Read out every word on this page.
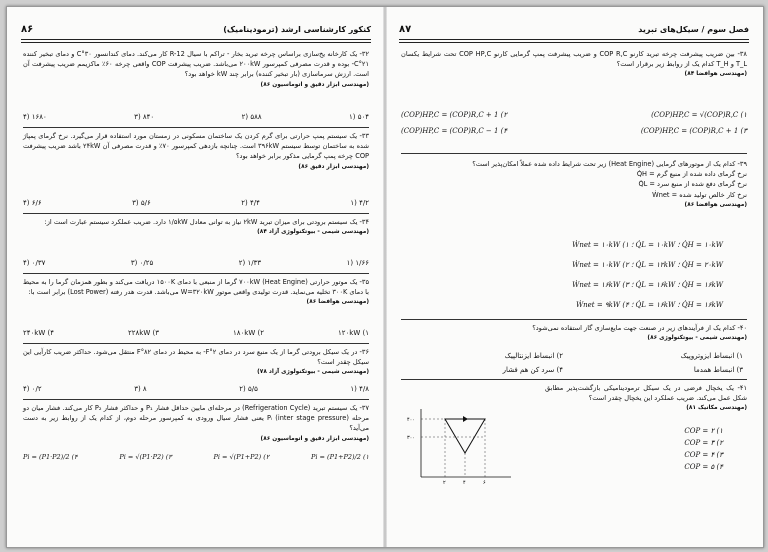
کنکور کارشناسی ارشد (ترمودینامیک)
۸۶
۳۲- یک کارخانه یخ‌سازی براساس چرخه تبرید بخار - تراکم با سیال R-12 کار می‌کند. دمای کندانسور ۳۰°C و دمای تبخیر کننده ۲۱°C- بوده و قدرت مصرفی کمپرسور ۲۰۰kW می‌باشد. ضریب پیشرفت COP واقعی چرخه ۶۰٪ ماکزیمم ضریب پیشرفت آن است. ارزش سرماسازی (بار تبخیر کننده) برابر چند kW خواهد بود؟
(مهندسی ابزار دقیق و اتوماسیون ۸۶)
۵۰۴ (۱
۵۸۸ (۲
۸۴۰ (۳
۱۶۸۰ (۴
۳۳- یک سیستم پمپ حرارتی برای گرم کردن یک ساختمان مسکونی در زمستان مورد استفاده قرار می‌گیرد. نرخ گرمای پمپاژ شده به ساختمان توسط سیستم ۳۹۶kW است. چنانچه بازدهی کمپرسور ۷۰٪ و قدرت مصرفی آن ۲۴kW باشد ضریب پیشرفت COP چرخه پمپ گرمایی مذکور برابر خواهد بود؟
(مهندسی ابزار دقیق ۸۶)
۴/۲ (۱
۴/۴ (۲
۵/۶ (۳
۶/۶ (۴
۳۴- یک سیستم برودتی برای میزان تبرید ۲kW نیاز به توانی معادل ۱/۵kW دارد. ضریب عملکرد سیستم عبارت است از:
(مهندسی شیمی - بیوتکنولوژی آزاد ۸۴)
۱/۶۶ (۱
۱/۳۳ (۲
۰/۲۵ (۳
۰/۳۷ (۴
۳۵- یک موتور حرارتی (Heat Engine) ۷۰۰kW گرما از منبعی با دمای ۱۵۰۰K دریافت می‌کند و بطور همزمان گرما را به محیط با دمای ۳۰۰K تخلیه می‌نماید. قدرت تولیدی واقعی موتور W=۳۲۰kW می‌باشد. قدرت هدر رفته (Lost Power) برابر است با:
(مهندسی هوافضا ۸۶)
۱۲۰kW (۱
۱۸۰kW (۲
۲۲۸kW (۳
۲۴۰kW (۴
۳۶- در یک سیکل برودتی گرما از یک منبع سرد در دمای ۲°F- به محیط در دمای ۸۲°F منتقل می‌شود. حداکثر ضریب کارآیی این سیکل چقدر است؟
(مهندسی شیمی - بیوتکنولوژی آزاد ۷۸)
۴/۸ (۱
۵/۵ (۲
۸ (۳
۰/۲ (۴
۳۷- یک سیستم تبرید (Refrigeration Cycle) در مرحله‌ای مابین حداقل فشار P₁ و حداکثر فشار P₂ کار می‌کند. فشار میان دو مرحله (inter stage pressure) Pᵢ یعنی فشار سیال ورودی به کمپرسور مرحله دوم، از کدام یک از روابط زیر به دست می‌آید؟
(مهندسی ابزار دقیق و اتوماسیون ۸۶)
Pi = (P1+P2)/2 (۱
Pi = √(P1+P2) (۲
Pi = √(P1·P2) (۳
Pi = (P1·P2)/2 (۴
فصل سوم / سیکل‌های تبرید
۸۷
۳۸- بین ضریب پیشرفت چرخه تبرید کارنو COP R,C و ضریب پیشرفت پمپ گرمایی کارنو COP HP,C تحت شرایط یکسان T_L و T_H کدام یک از روابط زیر برقرار است؟
(مهندسی هوافضا ۸۴)
(COP)HP,C = √(COP)R,C (۱
(COP)HP,C = (COP)R,C + 1 (۳
(COP)HP,C = (COP)R,C + 1 (۲
(COP)HP,C = (COP)R,C − 1 (۴
۳۹- کدام یک از موتورهای گرمایی (Heat Engine) زیر تحت شرایط داده شده عملاً امکان‌پذیر است؟
نرخ گرمای داده شده از منبع گرم = Q̇H
نرخ گرمای دفع شده از منبع سرد = Q̇L
نرخ کار خالص تولید شده = Ẇnet
(مهندسی هوافضا ۸۶)
Q̇H = ۱۰kW ؛ Q̇L = ۱۰kW ؛ Ẇnet = ۱۰kW (۱
Q̇H = ۲۰kW ؛ Q̇L = ۱۲kW ؛ Ẇnet = ۱۰kW (۲
Q̇H = ۱۶kW ؛ Q̇L = ۱۶kW ؛ Ẇnet = ۱۶kW (۳
Q̇H = ۱۶kW ؛ Q̇L = ۱۶kW ؛ Ẇnet = ۹kW (۴
۴۰- کدام یک از فرآیندهای زیر در صنعت جهت مایع‌سازی گاز استفاده نمی‌شود؟
(مهندسی شیمی - بیوتکنولوژی ۸۶)
۱) انبساط ایزوتروپیک
۳) انبساط همدما
۲) انبساط ایزنتالپیک
۴) سرد کن هم فشار
۴۱- یک یخچال فرضی در یک سیکل ترمودینامیکی بازگشت‌پذیر مطابق شکل عمل می‌کند. ضریب عملکرد این یخچال چقدر است؟
(مهندسی مکانیک ۸۱)
COP = ۲ (۱
COP = ۳ (۲
COP = ۴ (۳
COP = ۵ (۴
۴۰۰
۳۰۰
۲	۴	۶
